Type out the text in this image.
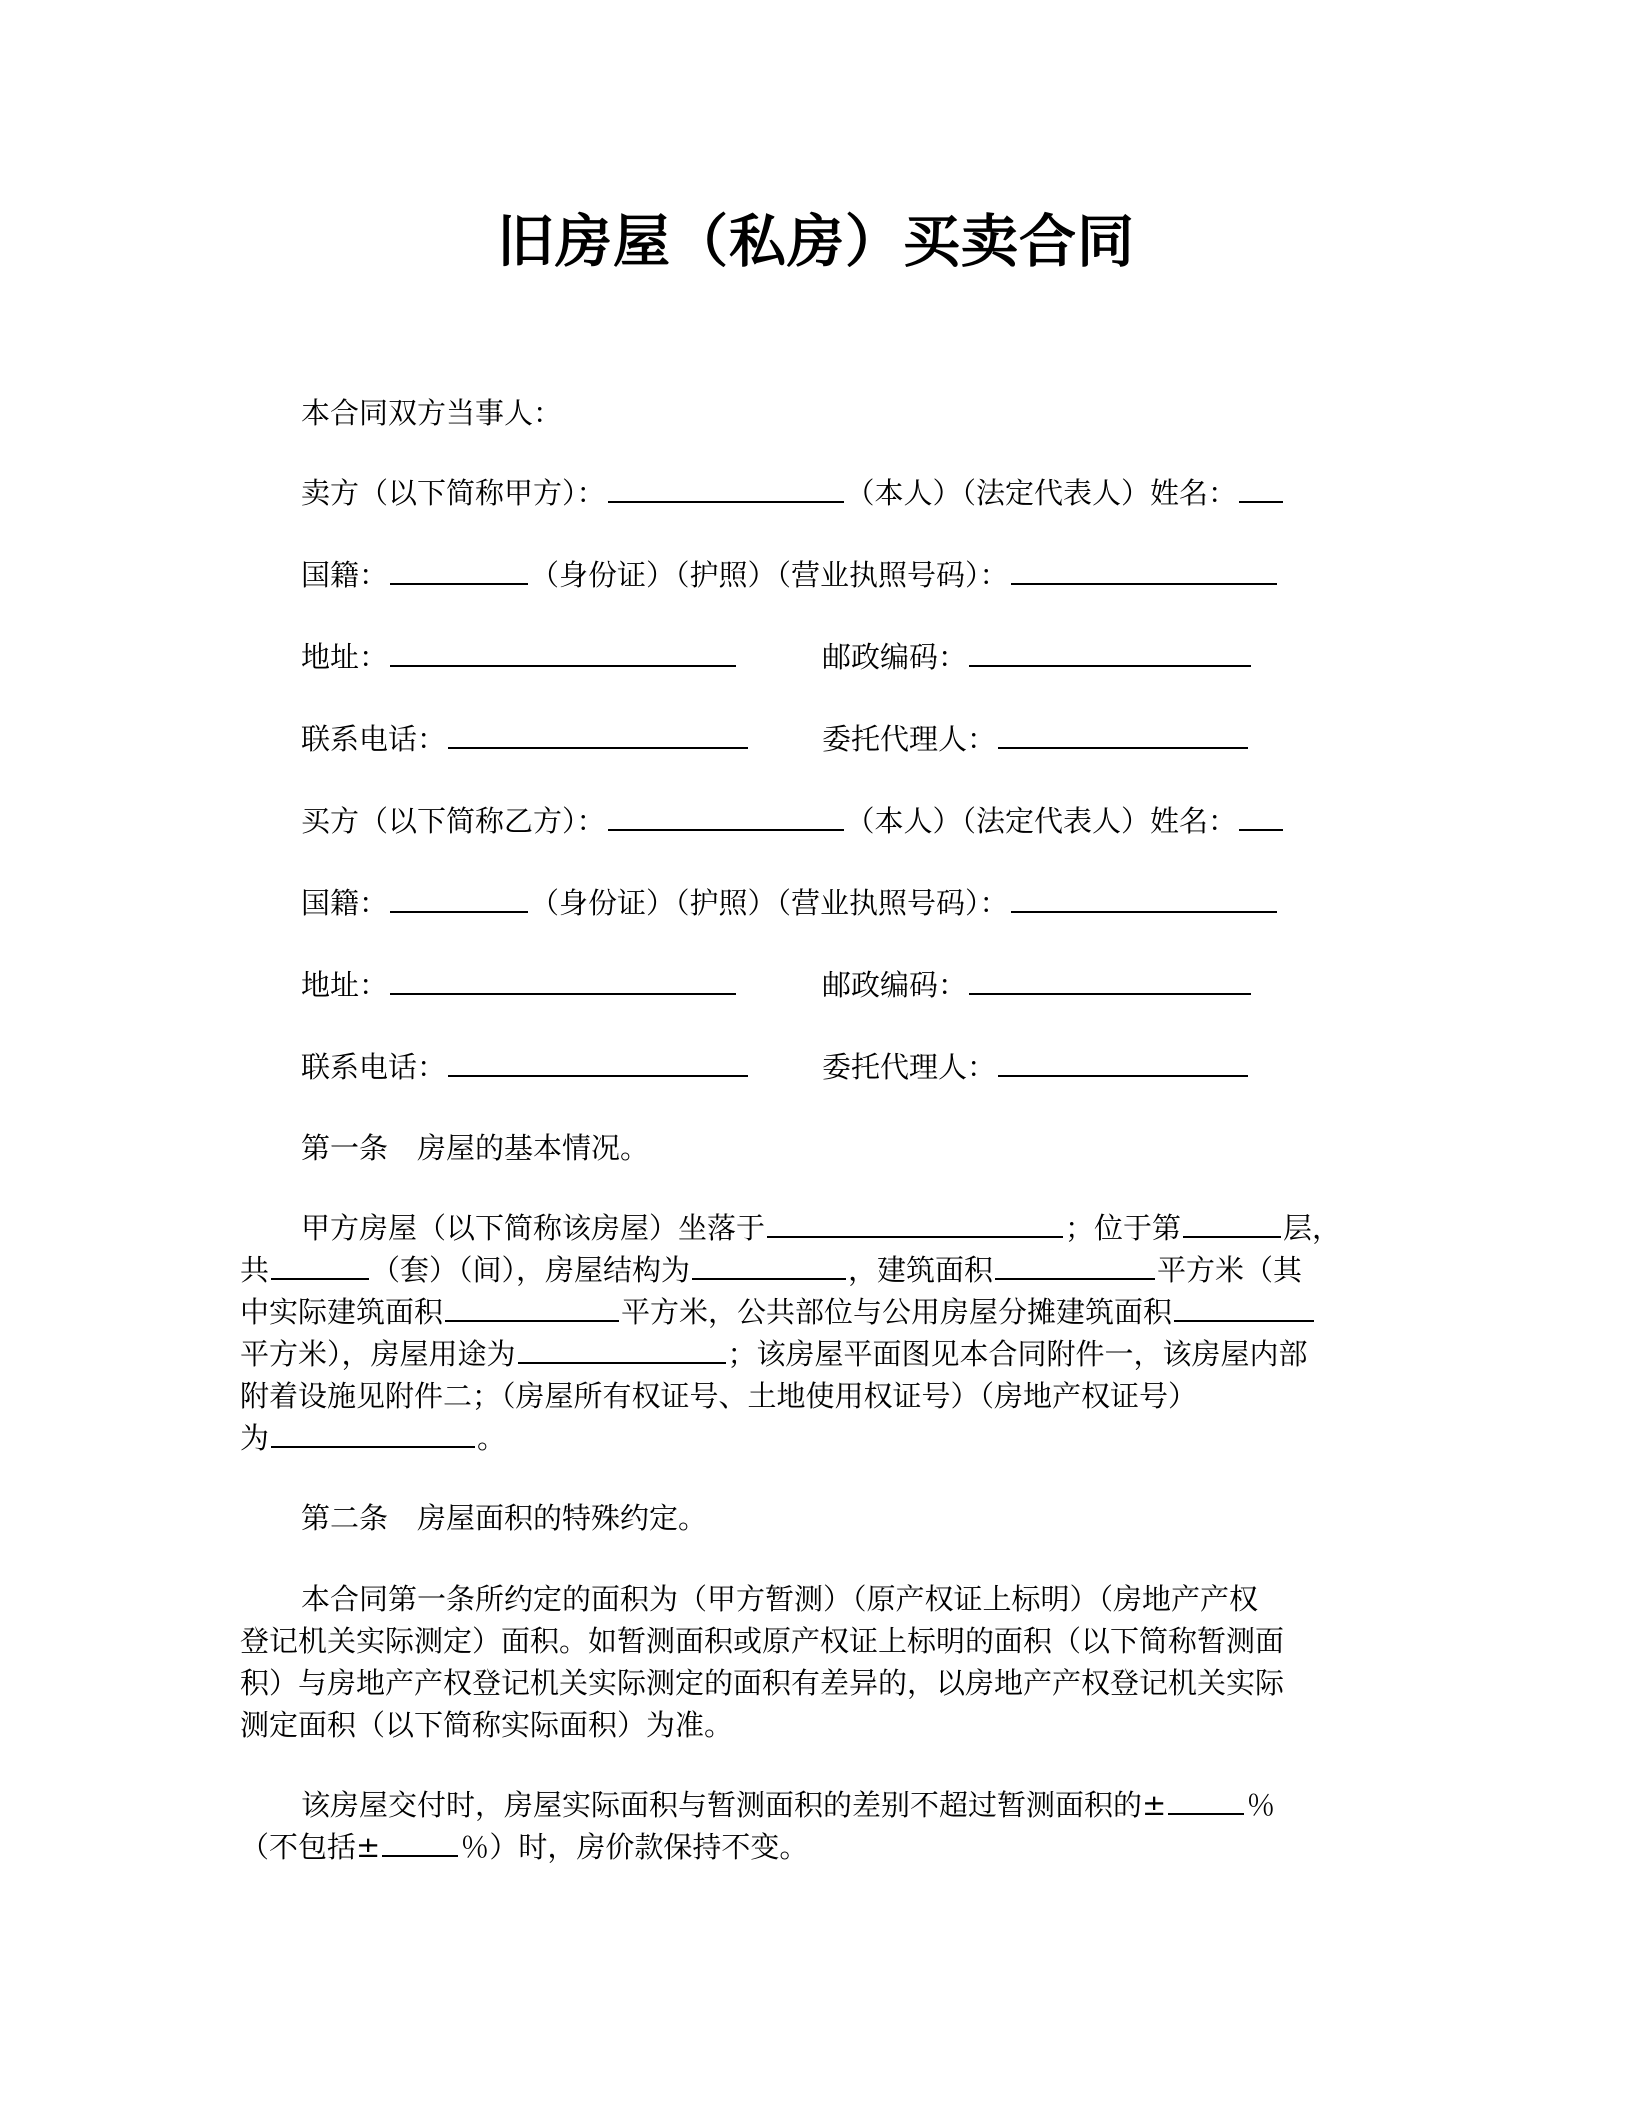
旧房屋（私房）买卖合同
本合同双方当事人：
卖方（以下简称甲方）：	（本人）（法定代表人）姓名：
国籍：	（身份证）（护照）（营业执照号码）：
地址：	邮政编码：
联系电话：	委托代理人：
买方（以下简称乙方）：	（本人）（法定代表人）姓名：
国籍：	（身份证）（护照）（营业执照号码）：
地址：	邮政编码：
联系电话：	委托代理人：
第一条　房屋的基本情况。
甲方房屋（以下简称该房屋）坐落于	；位于第	层，
共	（套）（间），房屋结构为	，建筑面积	平方米（其
中实际建筑面积	平方米，公共部位与公用房屋分摊建筑面积
平方米），房屋用途为	；该房屋平面图见本合同附件一，该房屋内部
附着设施见附件二；（房屋所有权证号、土地使用权证号）（房地产权证号）
为	。
第二条　房屋面积的特殊约定。
本合同第一条所约定的面积为（甲方暂测）（原产权证上标明）（房地产产权
登记机关实际测定）面积。如暂测面积或原产权证上标明的面积（以下简称暂测面
积）与房地产产权登记机关实际测定的面积有差异的，以房地产产权登记机关实际
测定面积（以下简称实际面积）为准。
该房屋交付时，房屋实际面积与暂测面积的差别不超过暂测面积的±	％
（不包括±	％）时，房价款保持不变。
